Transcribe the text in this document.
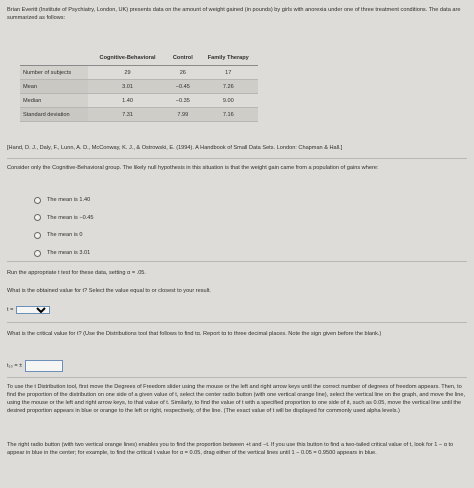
Brian Everitt (Institute of Psychiatry, London, UK) presents data on the amount of weight gained (in pounds) by girls with anorexia under one of three treatment conditions. The data are summarized as follows:
	Cognitive-Behavioral	Control	Family Therapy
Number of subjects	29	26	17
Mean	3.01	−0.45	7.26
Median	1.40	−0.35	9.00
Standard deviation	7.31	7.99	7.16
[Hand, D. J., Daly, F., Lunn, A. D., McConway, K. J., & Ostrowski, E. (1994). A Handbook of Small Data Sets. London: Chapman & Hall.]
Consider only the Cognitive-Behavioral group. The likely null hypothesis in this situation is that the weight gain came from a population of gains where:
The mean is 1.40
The mean is −0.45
The mean is 0
The mean is 3.01
Run the appropriate t test for these data, setting α = .05.
What is the obtained value for t? Select the value equal to or closest to your result.
t =
What is the critical value for t? (Use the Distributions tool that follows to find tα. Report tα to three decimal places. Note the sign given before the blank.)
t₁₀ = ±
To use the t Distribution tool, first move the Degrees of Freedom slider using the mouse or the left and right arrow keys until the correct number of degrees of freedom appears. Then, to find the proportion of the distribution on one side of a given value of t, select the center radio button (with one vertical orange line), select the vertical line on the graph, and move the line, using the mouse or the left and right arrow keys, to that value of t. Similarly, to find the value of t with a specified proportion to one side of it, such as 0.05, move the vertical line until the desired proportion appears in blue or orange to the left or right, respectively, of the line. (The exact value of t will be displayed for commonly used alpha levels.)
The right radio button (with two vertical orange lines) enables you to find the proportion between +t and −t. If you use this button to find a two-tailed critical value of t, look for 1 − α to appear in blue in the center; for example, to find the critical t value for α = 0.05, drag either of the vertical lines until 1 − 0.05 = 0.9500 appears in blue.
